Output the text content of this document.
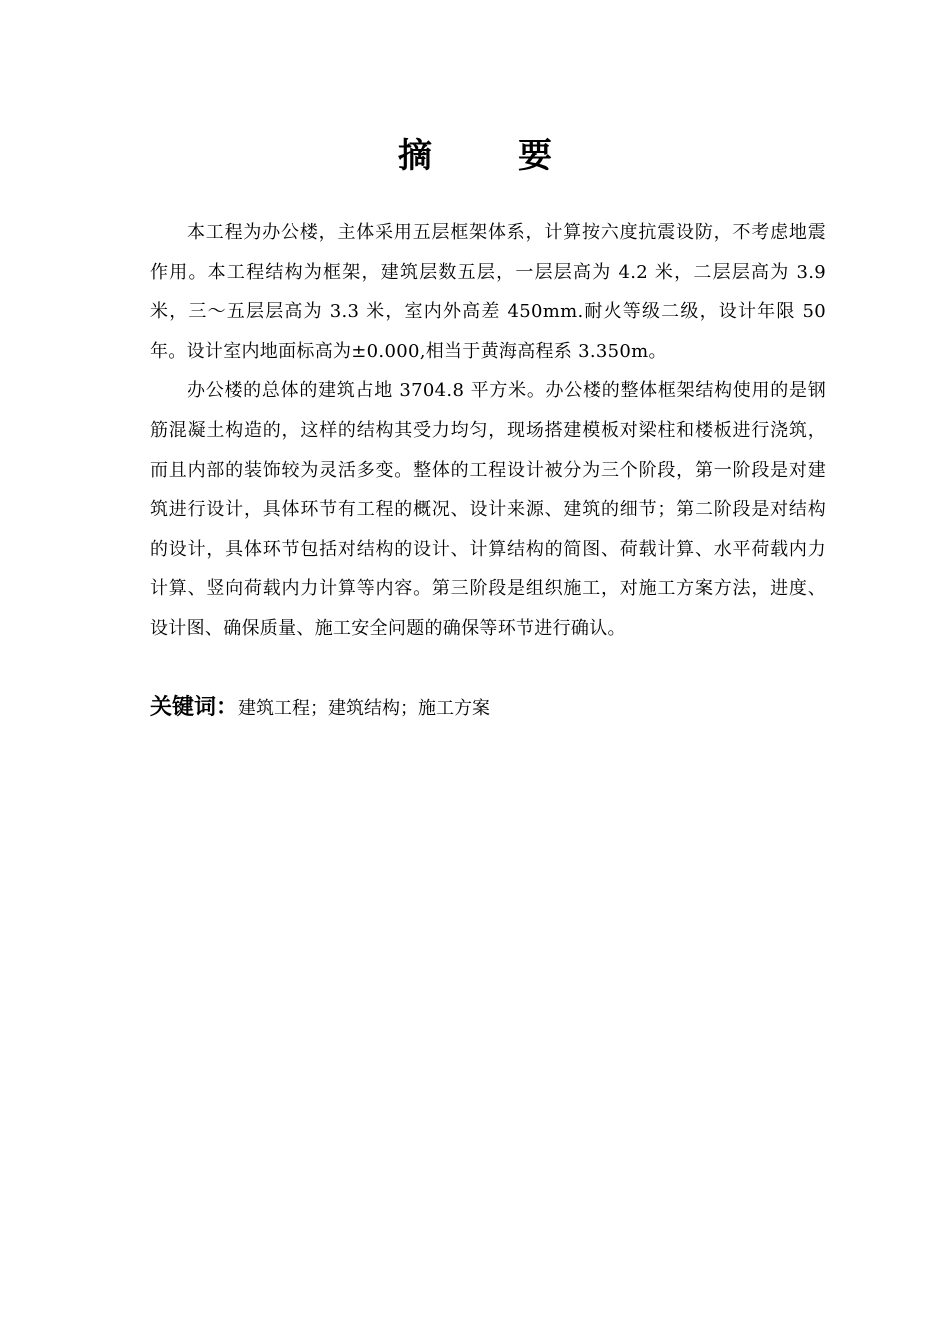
摘　要

本工程为办公楼，主体采用五层框架体系，计算按六度抗震设防，不考虑地震作用。本工程结构为框架，建筑层数五层，一层层高为 4.2 米，二层层高为 3.9 米，三～五层层高为 3.3 米，室内外高差 450mm.耐火等级二级，设计年限 50 年。设计室内地面标高为±0.000,相当于黄海高程系 3.350m。

办公楼的总体的建筑占地 3704.8 平方米。办公楼的整体框架结构使用的是钢筋混凝土构造的，这样的结构其受力均匀，现场搭建模板对梁柱和楼板进行浇筑，而且内部的装饰较为灵活多变。整体的工程设计被分为三个阶段，第一阶段是对建筑进行设计，具体环节有工程的概况、设计来源、建筑的细节；第二阶段是对结构的设计，具体环节包括对结构的设计、计算结构的简图、荷载计算、水平荷载内力计算、竖向荷载内力计算等内容。第三阶段是组织施工，对施工方案方法，进度、设计图、确保质量、施工安全问题的确保等环节进行确认。

关键词：建筑工程；建筑结构；施工方案
